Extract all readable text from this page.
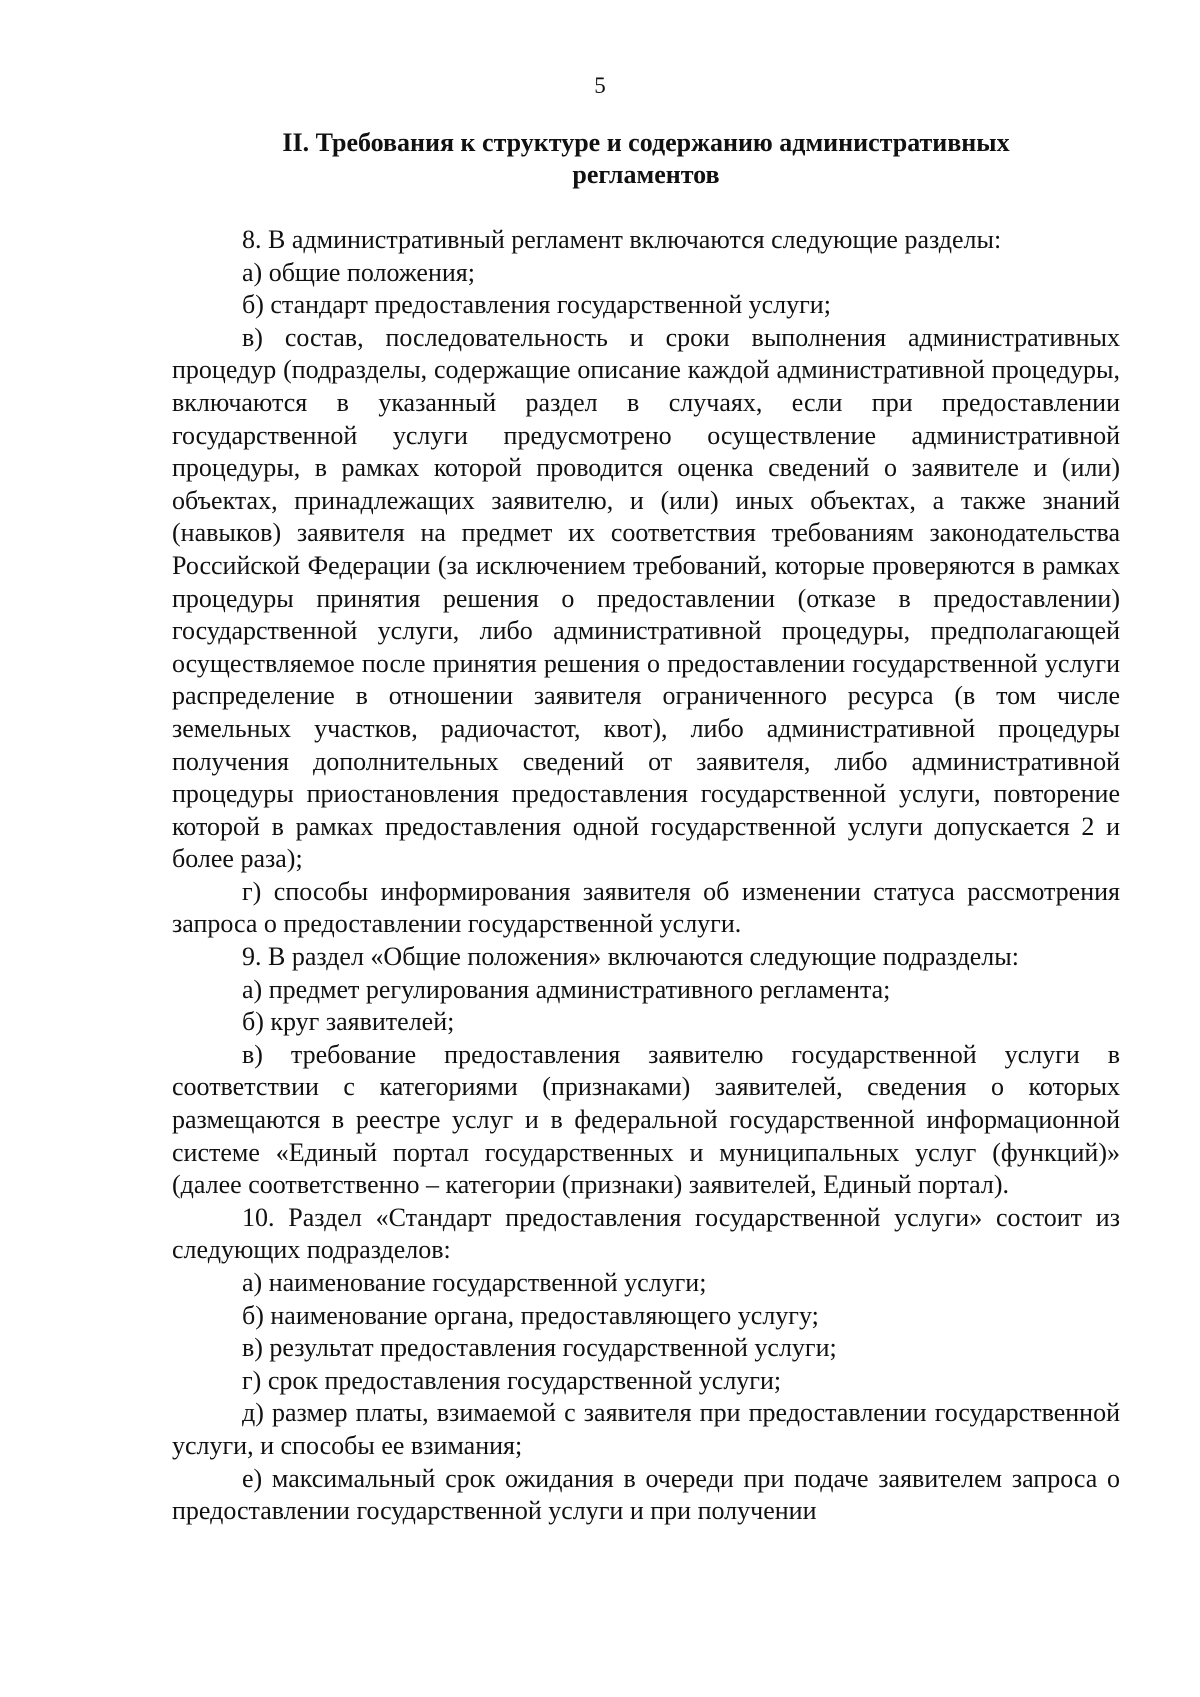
5
II. Требования к структуре и содержанию административных
регламентов

8. В административный регламент включаются следующие разделы:

а) общие положения;

б) стандарт предоставления государственной услуги;

в) состав, последовательность и сроки выполнения административных процедур (подразделы, содержащие описание каждой административной процедуры, включаются в указанный раздел в случаях, если при предоставлении государственной услуги предусмотрено осуществление административной процедуры, в рамках которой проводится оценка сведений о заявителе и (или) объектах, принадлежащих заявителю, и (или) иных объектах, а также знаний (навыков) заявителя на предмет их соответствия требованиям законодательства Российской Федерации (за исключением требований, которые проверяются в рамках процедуры принятия решения о предоставлении (отказе в предоставлении) государственной услуги, либо административной процедуры, предполагающей осуществляемое после принятия решения о предоставлении государственной услуги распределение в отношении заявителя ограниченного ресурса (в том числе земельных участков, радиочастот, квот), либо административной процедуры получения дополнительных сведений от заявителя, либо административной процедуры приостановления предоставления государственной услуги, повторение которой в рамках предоставления одной государственной услуги допускается 2 и более раза);

г) способы информирования заявителя об изменении статуса рассмотрения запроса о предоставлении государственной услуги.

9. В раздел «Общие положения» включаются следующие подразделы:

а) предмет регулирования административного регламента;

б) круг заявителей;

в) требование предоставления заявителю государственной услуги в соответствии с категориями (признаками) заявителей, сведения о которых размещаются в реестре услуг и в федеральной государственной информационной системе «Единый портал государственных и муниципальных услуг (функций)» (далее соответственно – категории (признаки) заявителей, Единый портал).

10. Раздел «Стандарт предоставления государственной услуги» состоит из следующих подразделов:

а) наименование государственной услуги;

б) наименование органа, предоставляющего услугу;

в) результат предоставления государственной услуги;

г) срок предоставления государственной услуги;

д) размер платы, взимаемой с заявителя при предоставлении государственной услуги, и способы ее взимания;

е) максимальный срок ожидания в очереди при подаче заявителем запроса о предоставлении государственной услуги и при получении
